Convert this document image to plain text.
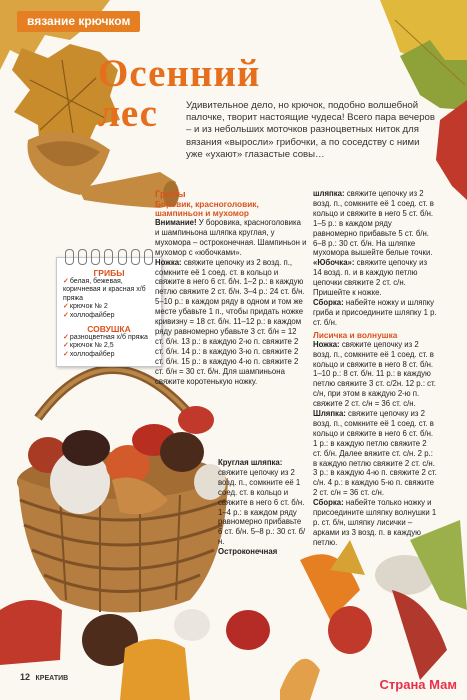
вязание крючком
Осенний
лес	Удивительное дело, но крючок, подобно волшебной палочке, творит настоящие чудеса! Всего пара вечеров – и из небольших моточков разноцветных ниток для вязания «выросли» грибочки, а по соседству с ними уже «ухают» глазастые совы…
ГРИБЫ
✓белая, бежевая, коричневая и красная х/б пряжа
✓крючок № 2
✓холлофайбер
СОВУШКА
✓разноцветная х/б пряжа
✓крючок № 2,5
✓холлофайбер
Грибы
Боровик, красноголовик, шампиньон и мухомор
Внимание! У боровика, красноголовика и шампиньона шляпка круглая, у мухомора – остроконечная. Шампиньон и мухомор с «юбочками».
Ножка: свяжите цепочку из 2 возд. п., сомкните её 1 соед. ст. в кольцо и свяжите в него 6 ст. б/н. 1–2 р.: в каждую петлю свяжите 2 ст. б/н. 3–4 р.: 24 ст. б/н. 5–10 р.: в каждом ряду в одном и том же месте убавьте 1 п., чтобы придать ножке кривизну = 18 ст. б/н. 11–12 р.: в каждом ряду равномерно убавьте 3 ст. б/н = 12 ст. б/н. 13 р.: в каждую 2-ю п. свяжите 2 ст. б/н. 14 р.: в каждую 3-ю п. свяжите 2 ст. б/н. 15 р.: в каждую 4-ю п. свяжите 2 ст. б/н = 30 ст. б/н. Для шампиньона свяжите коротенькую ножку.
Круглая шляпка: свяжите цепочку из 2 возд. п., сомкните её 1 соед. ст. в кольцо и свяжите в него 6 ст. б/н. 1–4 р.: в каждом ряду равномерно прибавьте 6 ст. б/н. 5–8 р.: 30 ст. б/н.
Остроконечная
шляпка: свяжите цепочку из 2 возд. п., сомкните её 1 соед. ст. в кольцо и свяжите в него 5 ст. б/н. 1–5 р.: в каждом ряду равномерно прибавьте 5 ст. б/н. 6–8 р.: 30 ст. б/н. На шляпке мухомора вышейте белые точки.
«Юбочка»: свяжите цепочку из 14 возд. п. и в каждую петлю цепочки свяжите 2 ст. с/н. Пришейте к ножке.
Сборка: набейте ножку и шляпку гриба и присоедините шляпку 1 р. ст. б/н.
Лисичка и волнушка
Ножка: свяжите цепочку из 2 возд. п., сомкните её 1 соед. ст. в кольцо и свяжите в него 8 ст. б/н. 1–10 р.: 8 ст. б/н. 11 р.: в каждую петлю свяжите 3 ст. с/2н. 12 р.: ст. с/н, при этом в каждую 2-ю п. свяжите 2 ст. с/н = 36 ст. с/н.
Шляпка: свяжите цепочку из 2 возд. п., сомкните её 1 соед. ст. в кольцо и свяжите в него 6 ст. б/н. 1 р.: в каждую петлю свяжите 2 ст. б/н. Далее вяжите ст. с/н. 2 р.: в каждую петлю свяжите 2 ст. с/н. 3 р.: в каждую 4-ю п. свяжите 2 ст. с/н. 4 р.: в каждую 5-ю п. свяжите 2 ст. с/н = 36 ст. с/н.
Сборка: набейте только ножку и присоедините шляпку волнушки 1 р. ст. б/н, шляпку лисички – арками из 3 возд. п. в каждую петлю.
12 КРЕАТИВ	Страна Мам
